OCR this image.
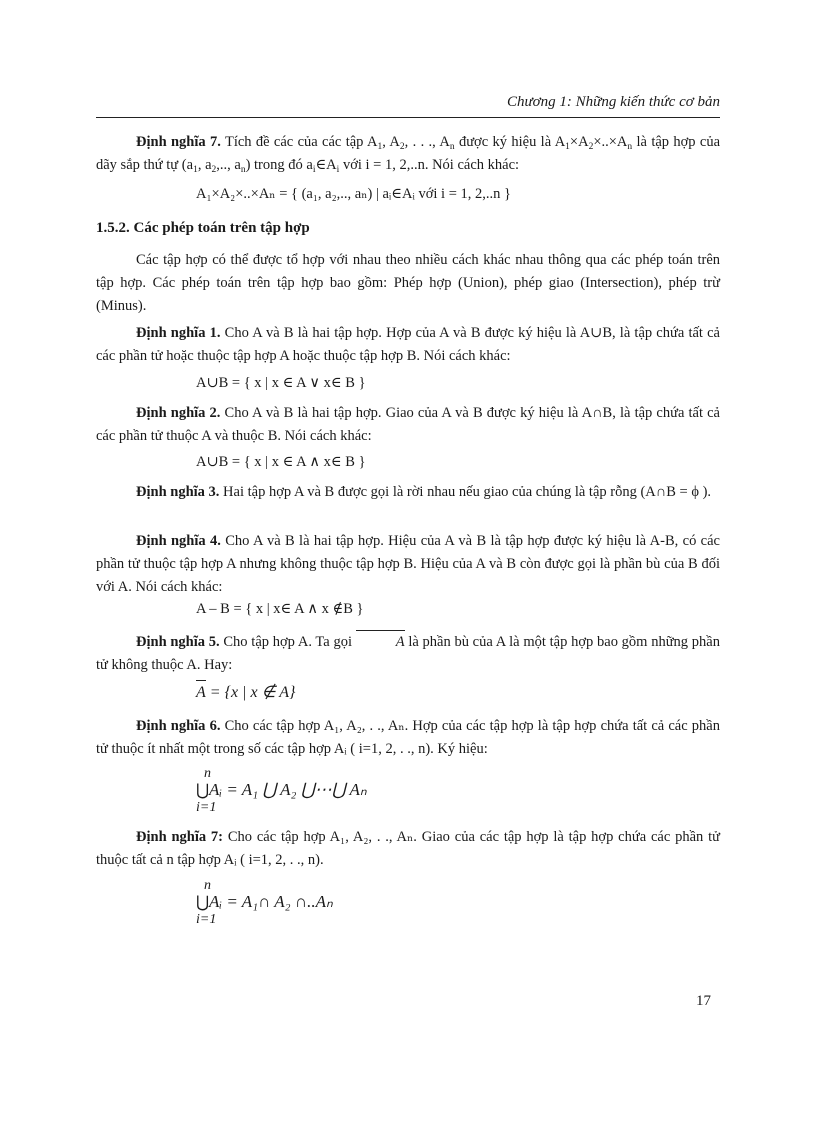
Chương 1: Những kiến thức cơ bản

Định nghĩa 7. Tích đề các của các tập $A_1$, $A_2$, . . ., $A_n$ được ký hiệu là $A_1\times A_2\times..\times A_n$ là tập hợp của dãy sắp thứ tự ($a_1$, $a_2$,.., $a_n$) trong đó $a_i\in A_i$ với i = 1, 2,..n. Nói cách khác:

A₁×A₂×..×Aₙ = { (a₁, a₂,.., aₙ) | aᵢ∈Aᵢ với i = 1, 2,..n }
1.5.2. Các phép toán trên tập hợp

Các tập hợp có thể được tổ hợp với nhau theo nhiều cách khác nhau thông qua các phép toán trên tập hợp. Các phép toán trên tập hợp bao gồm: Phép hợp (Union), phép giao (Intersection), phép trừ (Minus).

Định nghĩa 1. Cho A và B là hai tập hợp. Hợp của A và B được ký hiệu là A∪B, là tập chứa tất cả các phần tử hoặc thuộc tập hợp A hoặc thuộc tập hợp B. Nói cách khác:

A∪B = { x | x ∈ A ∨ x∈ B }

Định nghĩa 2. Cho A và B là hai tập hợp. Giao của A và B được ký hiệu là A∩B, là tập chứa tất cả các phần tử thuộc A và thuộc B. Nói cách khác:

A∪B = { x | x ∈ A ∧ x∈ B }

Định nghĩa 3. Hai tập hợp A và B được gọi là rời nhau nếu giao của chúng là tập rỗng (A∩B = ϕ ).

Định nghĩa 4. Cho A và B là hai tập hợp. Hiệu của A và B là tập hợp được ký hiệu là A-B, có các phần tử thuộc tập hợp A nhưng không thuộc tập hợp B. Hiệu của A và B còn được gọi là phần bù của B đối với A. Nói cách khác:

A – B = { x | x∈ A ∧ x ∉B }

Định nghĩa 5. Cho tập hợp A. Ta gọi	A là phần bù của A là một tập hợp bao gồm những phần tử không thuộc A. Hay:

A = {x | x ∉ A}

Định nghĩa 6. Cho các tập hợp A₁, A₂, . ., Aₙ. Hợp của các tập hợp là tập hợp chứa tất cả các phần tử thuộc ít nhất một trong số các tập hợp Aᵢ ( i=1, 2, . ., n). Ký hiệu:

n
⋃ Aᵢ = A₁ ⋃ A₂ ⋃⋯⋃ Aₙ
i=1

Định nghĩa 7: Cho các tập hợp A₁, A₂, . ., Aₙ. Giao của các tập hợp là tập hợp chứa các phần tử thuộc tất cả n tập hợp Aᵢ ( i=1, 2, . ., n).

n
⋃ Aᵢ = A₁∩ A₂ ∩..Aₙ
i=1
17
